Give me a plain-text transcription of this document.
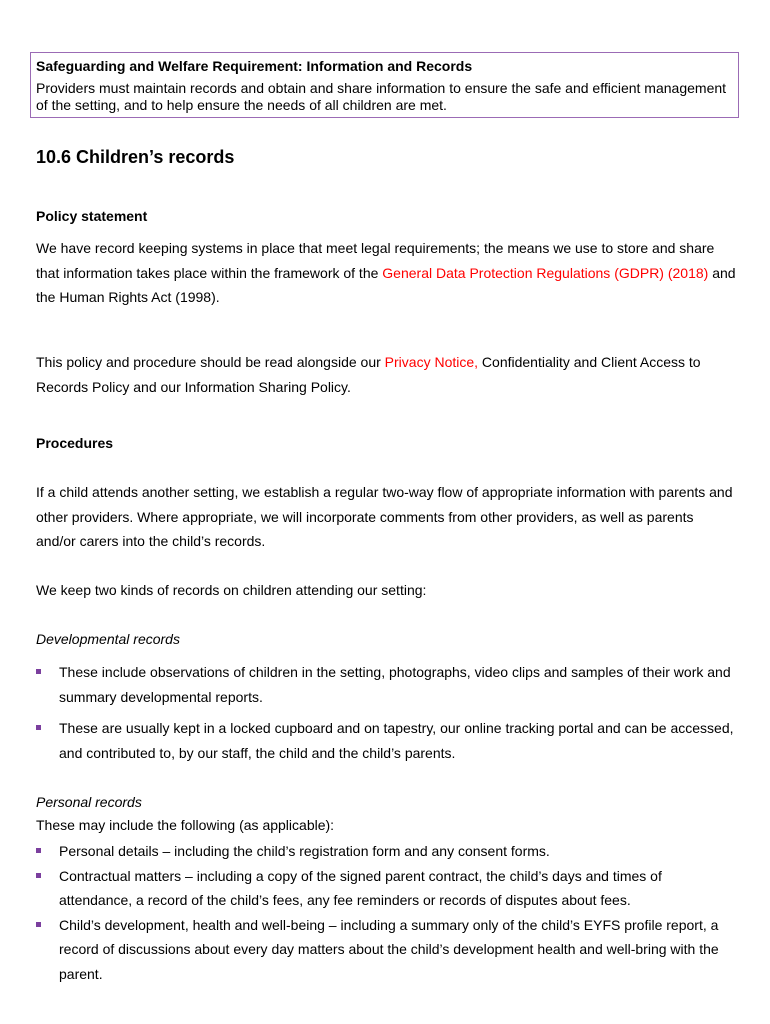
Safeguarding and Welfare Requirement: Information and Records

Providers must maintain records and obtain and share information to ensure the safe and efficient management of the setting, and to help ensure the needs of all children are met.

10.6 Children’s records
Policy statement

We have record keeping systems in place that meet legal requirements; the means we use to store and share that information takes place within the framework of the General Data Protection Regulations (GDPR) (2018) and the Human Rights Act (1998).

This policy and procedure should be read alongside our Privacy Notice, Confidentiality and Client Access to Records Policy and our Information Sharing Policy.

Procedures

If a child attends another setting, we establish a regular two-way flow of appropriate information with parents and other providers. Where appropriate, we will incorporate comments from other providers, as well as parents and/or carers into the child’s records.

We keep two kinds of records on children attending our setting:

Developmental records

These include observations of children in the setting, photographs, video clips and samples of their work and summary developmental reports.
These are usually kept in a locked cupboard and on tapestry, our online tracking portal and can be accessed, and contributed to, by our staff, the child and the child’s parents.

Personal records

These may include the following (as applicable):

Personal details – including the child’s registration form and any consent forms.
Contractual matters – including a copy of the signed parent contract, the child’s days and times of attendance, a record of the child’s fees, any fee reminders or records of disputes about fees.
Child’s development, health and well-being – including a summary only of the child’s EYFS profile report, a record of discussions about every day matters about the child’s development health and well-bring with the parent.
